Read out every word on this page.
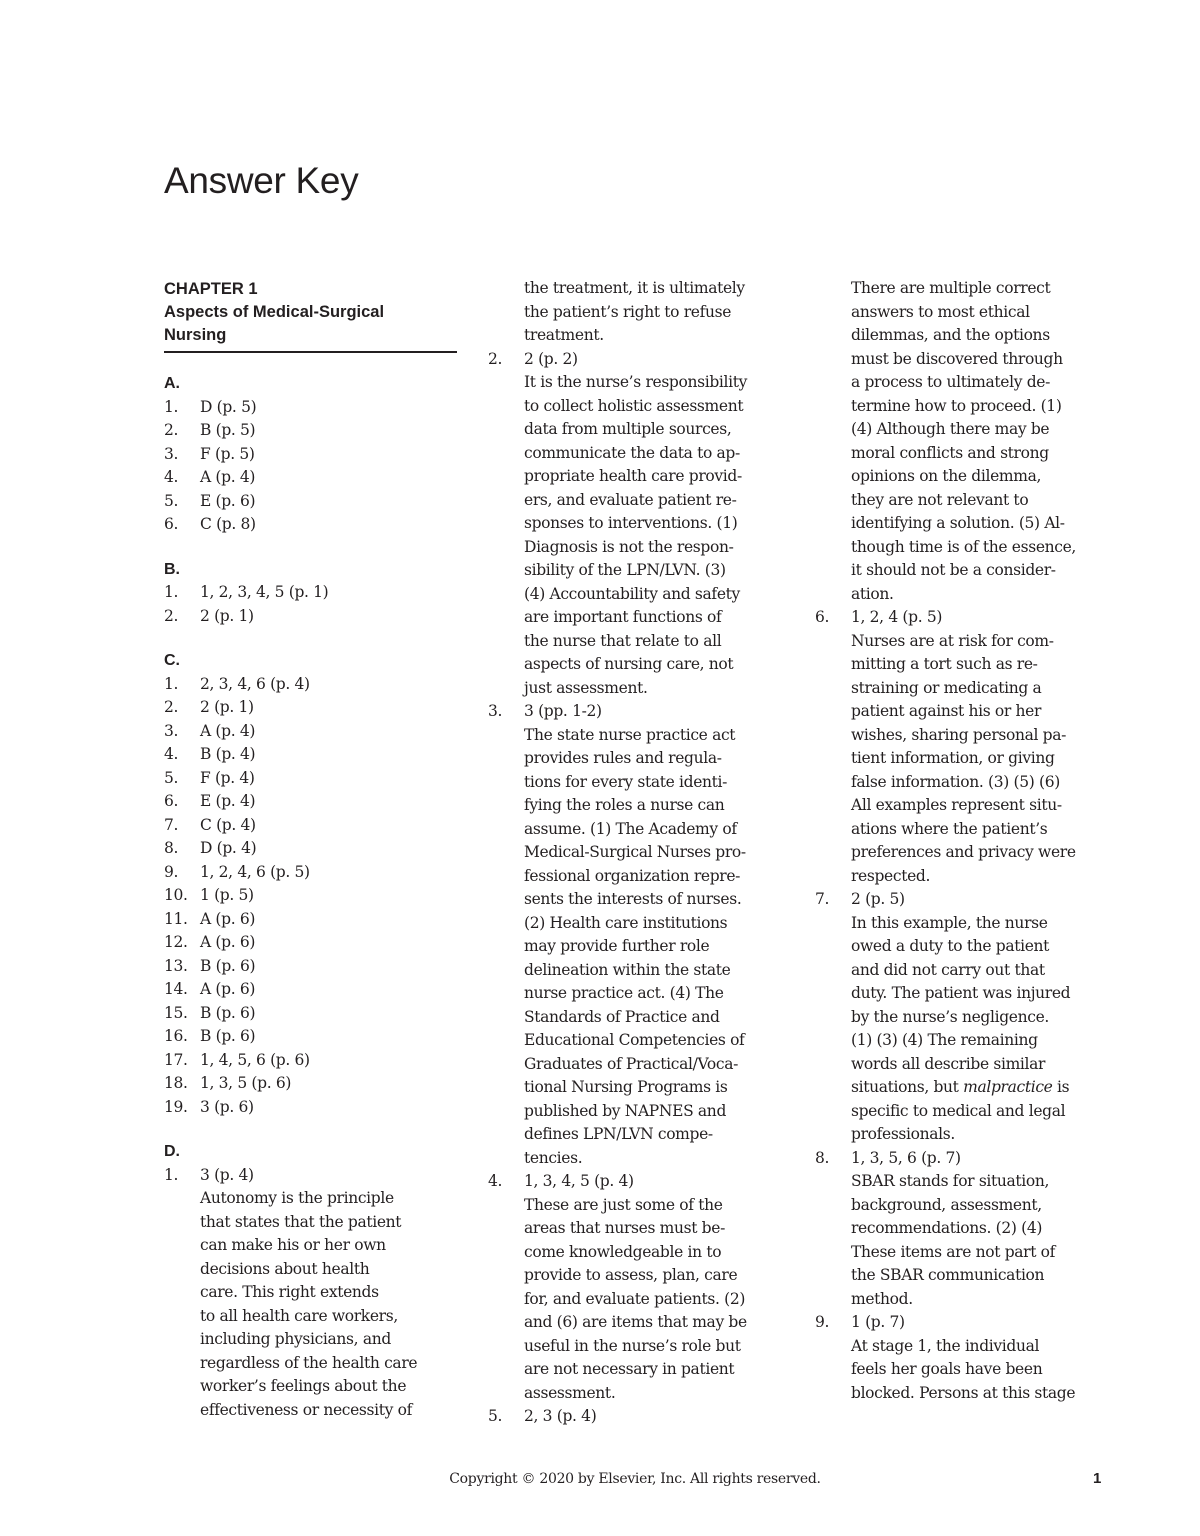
Answer Key
CHAPTER 1
Aspects of Medical-Surgical
Nursing
A.
1.	D (p. 5)
2.	B (p. 5)
3.	F (p. 5)
4.	A (p. 4)
5.	E (p. 6)
6.	C (p. 8)
B.
1.	1, 2, 3, 4, 5 (p. 1)
2.	2 (p. 1)
C.
1.	2, 3, 4, 6 (p. 4)
2.	2 (p. 1)
3.	A (p. 4)
4.	B (p. 4)
5.	F (p. 4)
6.	E (p. 4)
7.	C (p. 4)
8.	D (p. 4)
9.	1, 2, 4, 6 (p. 5)
10. 1 (p. 5)
11. A (p. 6)
12. A (p. 6)
13. B (p. 6)
14. A (p. 6)
15. B (p. 6)
16. B (p. 6)
17. 1, 4, 5, 6 (p. 6)
18. 1, 3, 5 (p. 6)
19. 3 (p. 6)
D.
1.	3 (p. 4)
Autonomy is the principle
that states that the patient
can make his or her own
decisions about health
care. This right extends
to all health care workers,
including physicians, and
regardless of the health care
worker’s feelings about the
effectiveness or necessity of
the treatment, it is ultimately
the patient’s right to refuse
treatment.
2.	2 (p. 2)
It is the nurse’s responsibility
to collect holistic assessment
data from multiple sources,
communicate the data to ap-
propriate health care provid-
ers, and evaluate patient re-
sponses to interventions. (1)
Diagnosis is not the respon-
sibility of the LPN/LVN. (3)
(4) Accountability and safety
are important functions of
the nurse that relate to all
aspects of nursing care, not
just assessment.
3.	3 (pp. 1-2)
The state nurse practice act
provides rules and regula-
tions for every state identi-
fying the roles a nurse can
assume. (1) The Academy of
Medical-Surgical Nurses pro-
fessional organization repre-
sents the interests of nurses.
(2) Health care institutions
may provide further role
delineation within the state
nurse practice act. (4) The
Standards of Practice and
Educational Competencies of
Graduates of Practical/Voca-
tional Nursing Programs is
published by NAPNES and
defines LPN/LVN compe-
tencies.
4.	1, 3, 4, 5 (p. 4)
These are just some of the
areas that nurses must be-
come knowledgeable in to
provide to assess, plan, care
for, and evaluate patients. (2)
and (6) are items that may be
useful in the nurse’s role but
are not necessary in patient
assessment.
5.	2, 3 (p. 4)
There are multiple correct
answers to most ethical
dilemmas, and the options
must be discovered through
a process to ultimately de-
termine how to proceed. (1)
(4) Although there may be
moral conflicts and strong
opinions on the dilemma,
they are not relevant to
identifying a solution. (5) Al-
though time is of the essence,
it should not be a consider-
ation.
6.	1, 2, 4 (p. 5)
Nurses are at risk for com-
mitting a tort such as re-
straining or medicating a
patient against his or her
wishes, sharing personal pa-
tient information, or giving
false information. (3) (5) (6)
All examples represent situ-
ations where the patient’s
preferences and privacy were
respected.
7.	2 (p. 5)
In this example, the nurse
owed a duty to the patient
and did not carry out that
duty. The patient was injured
by the nurse’s negligence.
(1) (3) (4) The remaining
words all describe similar
situations, but malpractice is
specific to medical and legal
professionals.
8.	1, 3, 5, 6 (p. 7)
SBAR stands for situation,
background, assessment,
recommendations. (2) (4)
These items are not part of
the SBAR communication
method.
9.	1 (p. 7)
At stage 1, the individual
feels her goals have been
blocked. Persons at this stage
Copyright © 2020 by Elsevier, Inc. All rights reserved.	1
